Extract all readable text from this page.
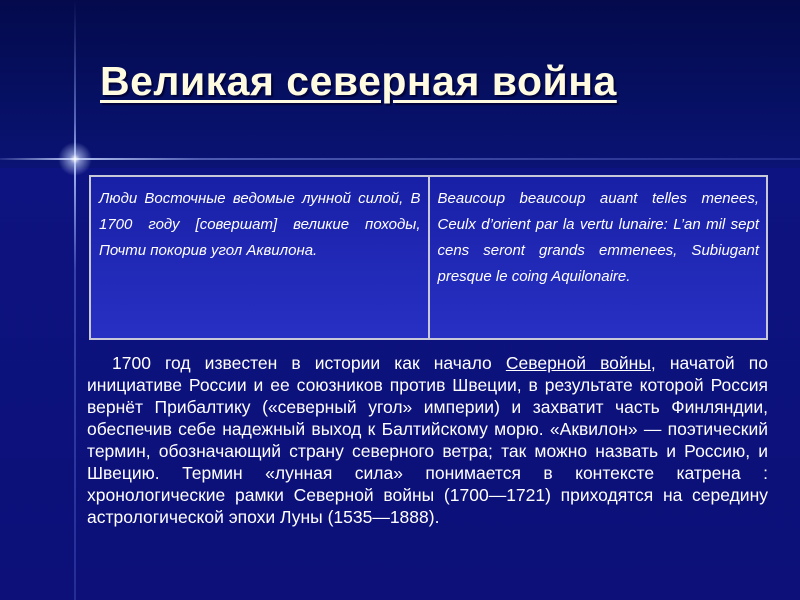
Великая северная война
Люди Восточные ведомые лунной силой, В 1700 году [совершат] великие походы, Почти покорив угол Аквилона.
Beaucoup beaucoup auant telles menees, Ceulx d’orient par la vertu lunaire: L’an mil sept cens seront grands emmenees, Subiugant presque le coing Aquilonaire.

1700 год известен в истории как начало Северной войны, начатой по инициативе России и ее союзников против Швеции, в результате которой Россия вернёт Прибалтику («северный угол» империи) и захватит часть Финляндии, обеспечив себе надежный выход к Балтийскому морю. «Аквилон» — поэтический термин, обозначающий страну северного ветра; так можно назвать и Россию, и Швецию. Термин «лунная сила» понимается в контексте катрена : хронологические рамки Северной войны (1700—1721) приходятся на середину астрологической эпохи Луны (1535—1888).
